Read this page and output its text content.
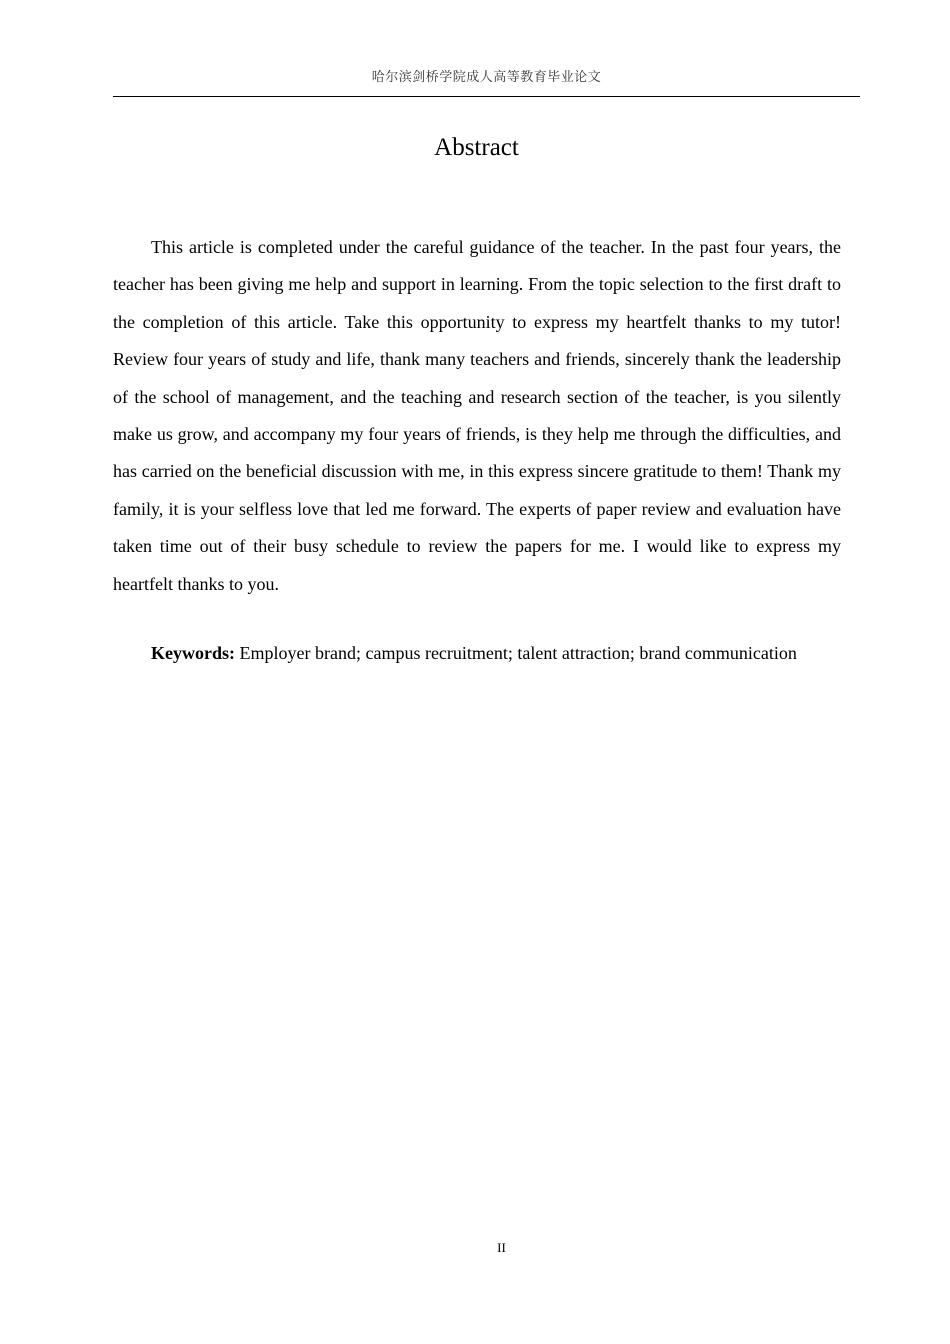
哈尔滨剑桥学院成人高等教育毕业论文
Abstract

This article is completed under the careful guidance of the teacher. In the past four years, the teacher has been giving me help and support in learning. From the topic selection to the first draft to the completion of this article. Take this opportunity to express my heartfelt thanks to my tutor! Review four years of study and life, thank many teachers and friends, sincerely thank the leadership of the school of management, and the teaching and research section of the teacher, is you silently make us grow, and accompany my four years of friends, is they help me through the difficulties, and has carried on the beneficial discussion with me, in this express sincere gratitude to them! Thank my family, it is your selfless love that led me forward. The experts of paper review and evaluation have taken time out of their busy schedule to review the papers for me. I would like to express my heartfelt thanks to you.

Keywords: Employer brand; campus recruitment; talent attraction; brand communication

II
